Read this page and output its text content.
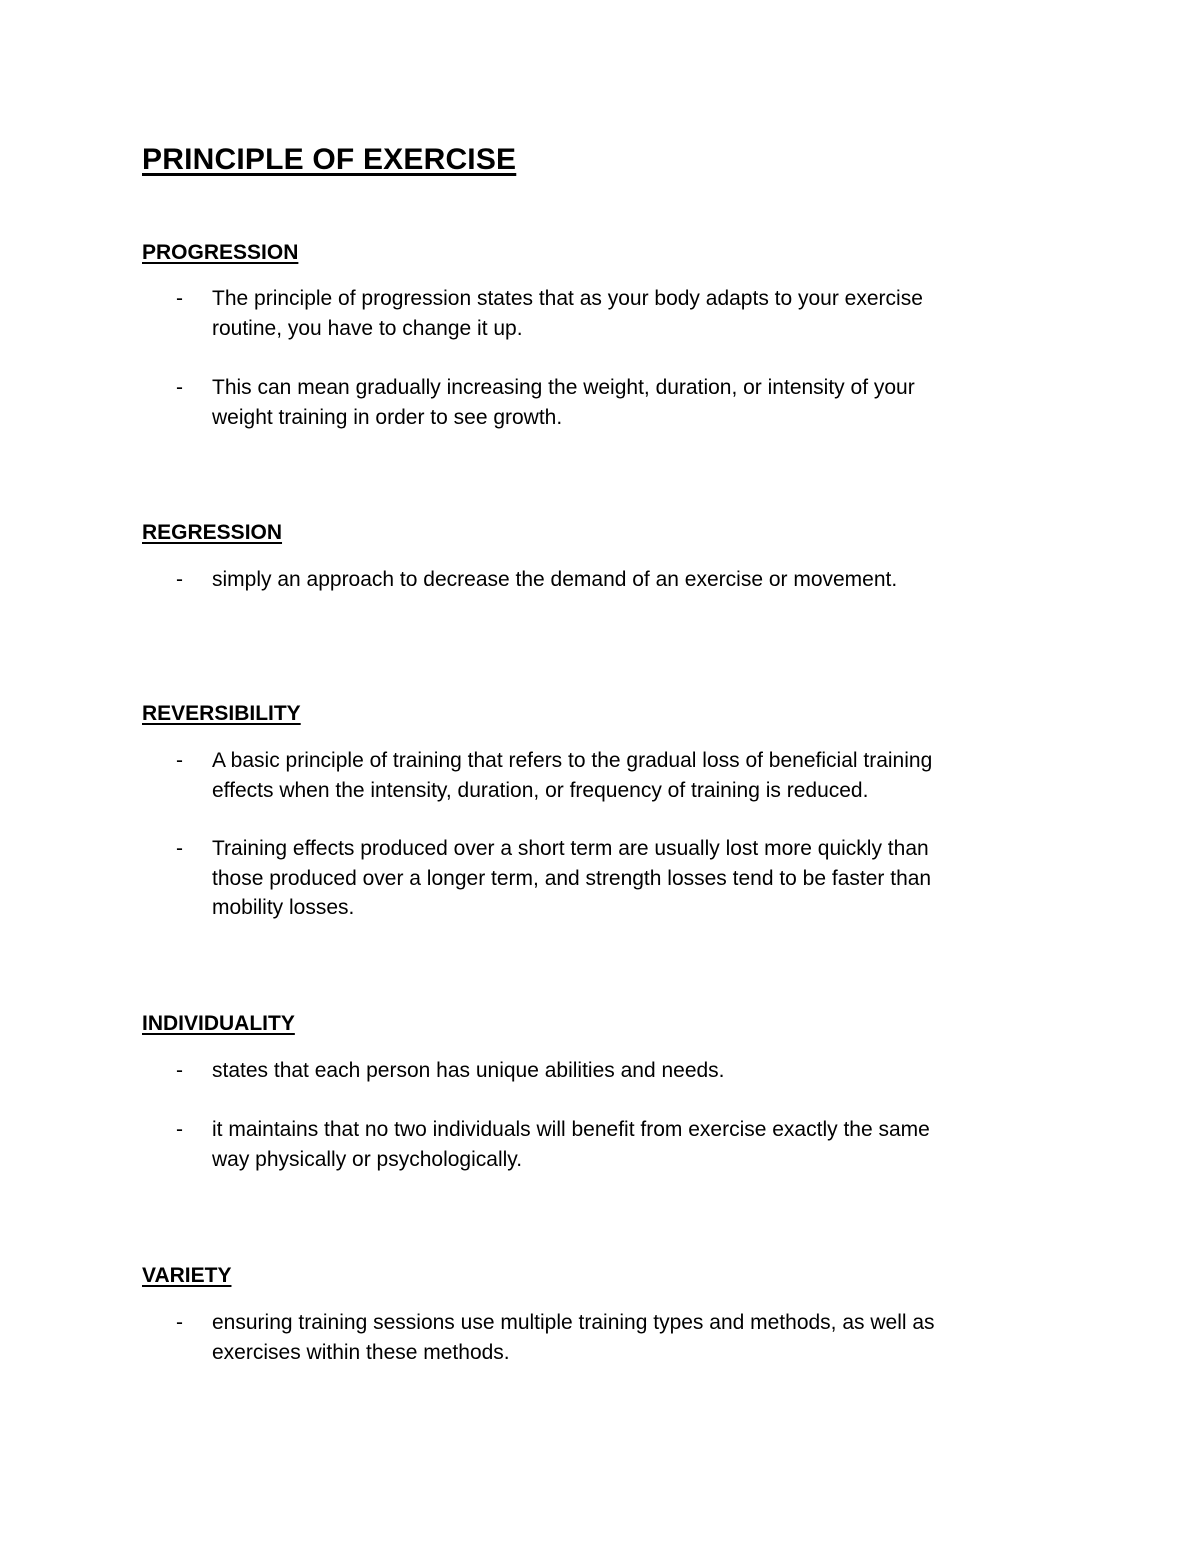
PRINCIPLE OF EXERCISE
PROGRESSION
- The principle of progression states that as your body adapts to your exercise
routine, you have to change it up.
- This can mean gradually increasing the weight, duration, or intensity of your
weight training in order to see growth.
REGRESSION
- simply an approach to decrease the demand of an exercise or movement.
REVERSIBILITY
- A basic principle of training that refers to the gradual loss of beneficial training
effects when the intensity, duration, or frequency of training is reduced.
- Training effects produced over a short term are usually lost more quickly than
those produced over a longer term, and strength losses tend to be faster than
mobility losses.
INDIVIDUALITY
- states that each person has unique abilities and needs.
- it maintains that no two individuals will benefit from exercise exactly the same
way physically or psychologically.
VARIETY
- ensuring training sessions use multiple training types and methods, as well as
exercises within these methods.
